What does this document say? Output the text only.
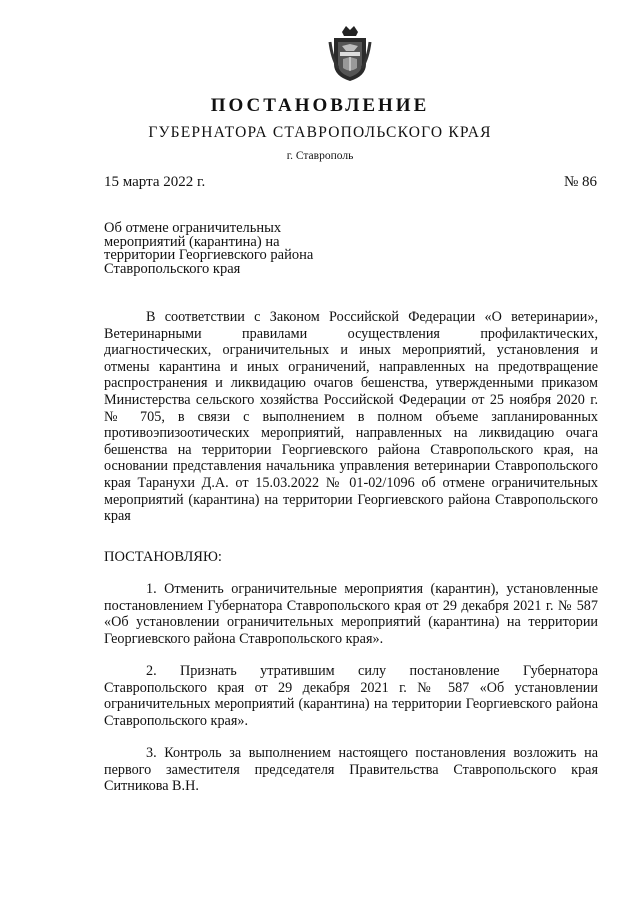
ПОСТАНОВЛЕНИЕ
ГУБЕРНАТОРА СТАВРОПОЛЬСКОГО КРАЯ
г. Ставрополь
15 марта 2022 г.	№ 86
Об отмене ограничительных мероприятий (карантина) на территории Георгиевского района Ставропольского края
В соответствии с Законом Российской Федерации «О ветеринарии», Ветеринарными правилами осуществления профилактических, диагностических, ограничительных и иных мероприятий, установления и отмены карантина и иных ограничений, направленных на предотвращение распространения и ликвидацию очагов бешенства, утвержденными приказом Министерства сельского хозяйства Российской Федерации от 25 ноября 2020 г. № 705, в связи с выполнением в полном объеме запланированных противоэпизоотических мероприятий, направленных на ликвидацию очага бешенства на территории Георгиевского района Ставропольского края, на основании представления начальника управления ветеринарии Ставропольского края Таранухи Д.А. от 15.03.2022 № 01-02/1096 об отмене ограничительных мероприятий (карантина) на территории Георгиевского района Ставропольского края
ПОСТАНОВЛЯЮ:
1. Отменить ограничительные мероприятия (карантин), установленные постановлением Губернатора Ставропольского края от 29 декабря 2021 г. № 587 «Об установлении ограничительных мероприятий (карантина) на территории Георгиевского района Ставропольского края».
2. Признать утратившим силу постановление Губернатора Ставропольского края от 29 декабря 2021 г. № 587 «Об установлении ограничительных мероприятий (карантина) на территории Георгиевского района Ставропольского края».
3. Контроль за выполнением настоящего постановления возложить на первого заместителя председателя Правительства Ставропольского края Ситникова В.Н.
